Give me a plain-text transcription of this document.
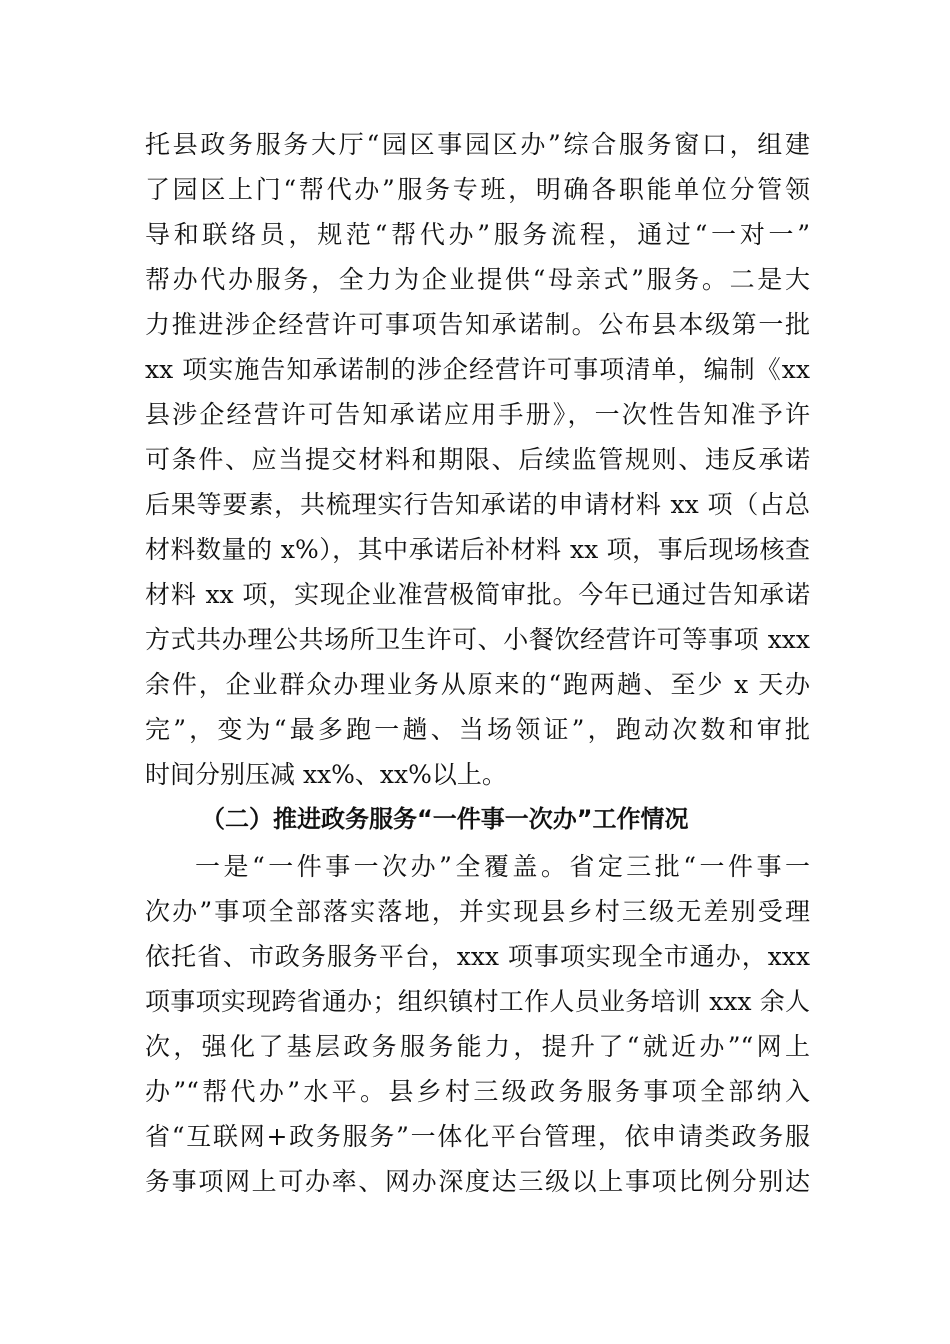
托县政务服务大厅“园区事园区办”综合服务窗口，组建
了园区上门“帮代办”服务专班，明确各职能单位分管领
导和联络员，规范“帮代办”服务流程，通过“一对一”
帮办代办服务，全力为企业提供“母亲式”服务。二是大
力推进涉企经营许可事项告知承诺制。公布县本级第一批
xx 项实施告知承诺制的涉企经营许可事项清单，编制《xx
县涉企经营许可告知承诺应用手册》，一次性告知准予许
可条件、应当提交材料和期限、后续监管规则、违反承诺
后果等要素，共梳理实行告知承诺的申请材料 xx 项（占总
材料数量的 x%），其中承诺后补材料 xx 项，事后现场核查
材料 xx 项，实现企业准营极简审批。今年已通过告知承诺
方式共办理公共场所卫生许可、小餐饮经营许可等事项 xxx
余件，企业群众办理业务从原来的“跑两趟、至少 x 天办
完”，变为“最多跑一趟、当场领证”，跑动次数和审批
时间分别压减 xx%、xx%以上。
（二）推进政务服务“一件事一次办”工作情况
一是“一件事一次办”全覆盖。省定三批“一件事一
次办”事项全部落实落地，并实现县乡村三级无差别受理
依托省、市政务服务平台，xxx 项事项实现全市通办，xxx
项事项实现跨省通办；组织镇村工作人员业务培训 xxx 余人
次，强化了基层政务服务能力，提升了“就近办”“网上
办”“帮代办”水平。县乡村三级政务服务事项全部纳入
省“互联网+政务服务”一体化平台管理，依申请类政务服
务事项网上可办率、网办深度达三级以上事项比例分别达
